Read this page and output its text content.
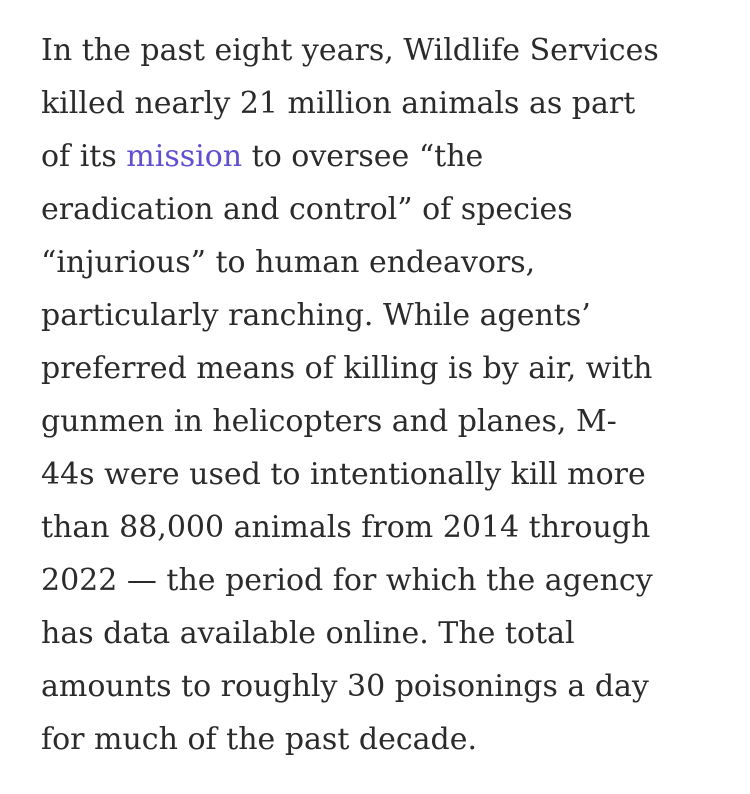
In the past eight years, Wildlife Services
killed nearly 21 million animals as part
of its mission to oversee “the
eradication and control” of species
“injurious” to human endeavors,
particularly ranching. While agents’
preferred means of killing is by air, with
gunmen in helicopters and planes, M-
44s were used to intentionally kill more
than 88,000 animals from 2014 through
2022 — the period for which the agency
has data available online. The total
amounts to roughly 30 poisonings a day
for much of the past decade.
